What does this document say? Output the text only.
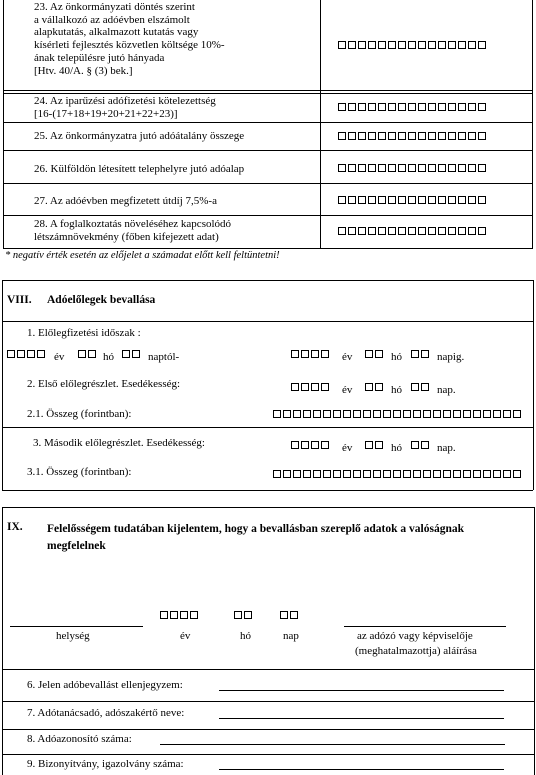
23. Az önkormányzati döntés szerint
a vállalkozó az adóévben elszámolt
alapkutatás, alkalmazott kutatás vagy
kísérleti fejlesztés közvetlen költsége 10%-
ának településre jutó hányada
[Htv. 40/A. § (3) bek.]
24. Az iparűzési adófizetési kötelezettség
[16-(17+18+19+20+21+22+23)]
25. Az önkormányzatra jutó adóátalány összege
26. Külföldön létesített telephelyre jutó adóalap
27. Az adóévben megfizetett útdíj 7,5%-a
28. A foglalkoztatás növeléséhez kapcsolódó
létszámnövekmény (főben kifejezett adat)
* negatív érték esetén az előjelet a számadat előtt kell feltüntetni!
VIII. Adóelőlegek bevallása
1. Előlegfizetési időszak :
év	hó	naptól-	év	hó	napig.
2. Első előlegrészlet. Esedékesség:	év	hó	nap.
2.1. Összeg (forintban):
3. Második előlegrészlet. Esedékesség:	év	hó	nap.
3.1. Összeg (forintban):
IX. Felelősségem tudatában kijelentem, hogy a bevallásban szereplő adatok a valóságnak megfelelnek
helység	év	hó	nap	az adózó vagy képviselője
(meghatalmazottja) aláírása
6. Jelen adóbevallást ellenjegyzem:
7. Adótanácsadó, adószakértő neve:
8. Adóazonosító száma:
9. Bizonyítvány, igazolvány száma:
